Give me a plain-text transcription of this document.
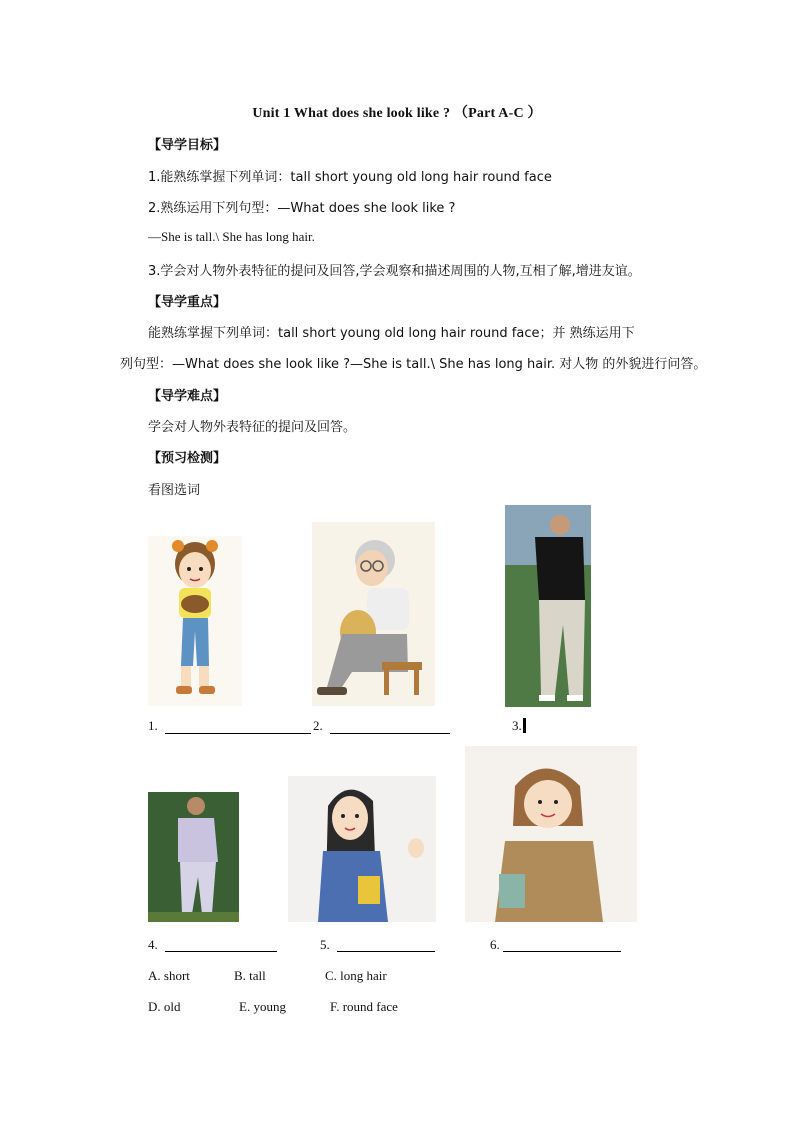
Unit 1 What does she look like ? （Part A-C ）
【导学目标】
1.能熟练掌握下列单词：tall short young old long hair round face
2.熟练运用下列句型：—What does she look like ?
—She is tall.\ She has long hair.
3.学会对人物外表特征的提问及回答,学会观察和描述周围的人物,互相了解,增进友谊。
【导学重点】
能熟练掌握下列单词：tall short young old long hair round face；并 熟练运用下
列句型：—What does she look like ?—She is tall.\ She has long hair. 对人物 的外貌进行问答。
【导学难点】
学会对人物外表特征的提问及回答。
【预习检测】
看图选词
1.	2.	3.
4.	5.	6.
A. short	B. tall	C. long hair
D. old	E. young	F. round face
